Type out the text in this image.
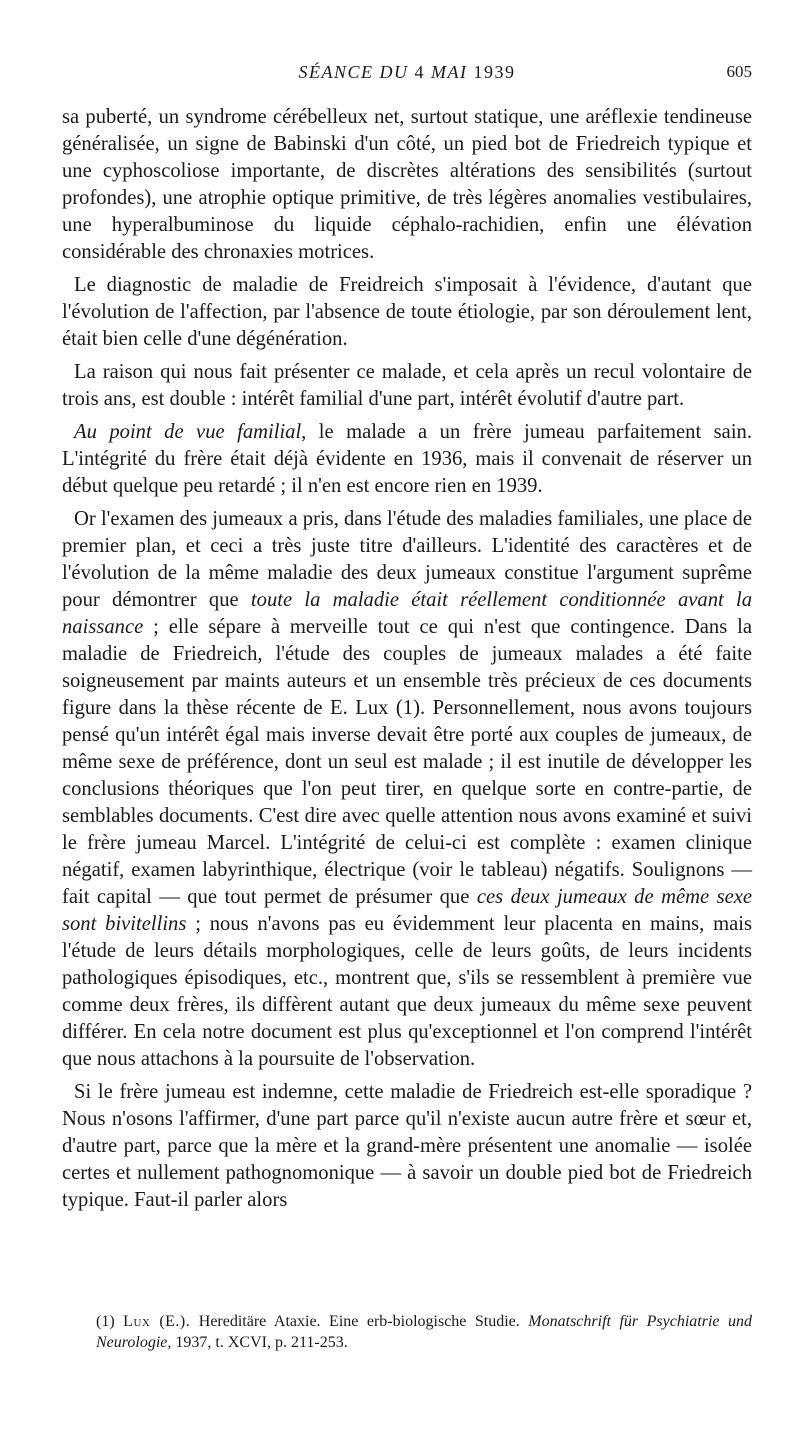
SÉANCE DU 4 MAI 1939	605

sa puberté, un syndrome cérébelleux net, surtout statique, une aréflexie tendineuse généralisée, un signe de Babinski d'un côté, un pied bot de Friedreich typique et une cyphoscoliose importante, de discrètes altérations des sensibilités (surtout profondes), une atrophie optique primitive, de très légères anomalies vestibulaires, une hyperalbuminose du liquide céphalo-rachidien, enfin une élévation considérable des chronaxies motrices.

Le diagnostic de maladie de Freidreich s'imposait à l'évidence, d'autant que l'évolution de l'affection, par l'absence de toute étiologie, par son déroulement lent, était bien celle d'une dégénération.

La raison qui nous fait présenter ce malade, et cela après un recul volontaire de trois ans, est double : intérêt familial d'une part, intérêt évolutif d'autre part.

Au point de vue familial, le malade a un frère jumeau parfaitement sain. L'intégrité du frère était déjà évidente en 1936, mais il convenait de réserver un début quelque peu retardé ; il n'en est encore rien en 1939.

Or l'examen des jumeaux a pris, dans l'étude des maladies familiales, une place de premier plan, et ceci a très juste titre d'ailleurs. L'identité des caractères et de l'évolution de la même maladie des deux jumeaux constitue l'argument suprême pour démontrer que toute la maladie était réellement conditionnée avant la naissance ; elle sépare à merveille tout ce qui n'est que contingence. Dans la maladie de Friedreich, l'étude des couples de jumeaux malades a été faite soigneusement par maints auteurs et un ensemble très précieux de ces documents figure dans la thèse récente de E. Lux (1). Personnellement, nous avons toujours pensé qu'un intérêt égal mais inverse devait être porté aux couples de jumeaux, de même sexe de préférence, dont un seul est malade ; il est inutile de développer les conclusions théoriques que l'on peut tirer, en quelque sorte en contre-partie, de semblables documents. C'est dire avec quelle attention nous avons examiné et suivi le frère jumeau Marcel. L'intégrité de celui-ci est complète : examen clinique négatif, examen labyrinthique, électrique (voir le tableau) négatifs. Soulignons — fait capital — que tout permet de présumer que ces deux jumeaux de même sexe sont bivitellins ; nous n'avons pas eu évidemment leur placenta en mains, mais l'étude de leurs détails morphologiques, celle de leurs goûts, de leurs incidents pathologiques épisodiques, etc., montrent que, s'ils se ressemblent à première vue comme deux frères, ils diffèrent autant que deux jumeaux du même sexe peuvent différer. En cela notre document est plus qu'exceptionnel et l'on comprend l'intérêt que nous attachons à la poursuite de l'observation.

Si le frère jumeau est indemne, cette maladie de Friedreich est-elle sporadique ? Nous n'osons l'affirmer, d'une part parce qu'il n'existe aucun autre frère et sœur et, d'autre part, parce que la mère et la grand-mère présentent une anomalie — isolée certes et nullement pathognomonique — à savoir un double pied bot de Friedreich typique. Faut-il parler alors

(1) Lux (E.). Hereditäre Ataxie. Eine erb-biologische Studie. Monatschrift für Psychiatrie und Neurologie, 1937, t. XCVI, p. 211-253.
